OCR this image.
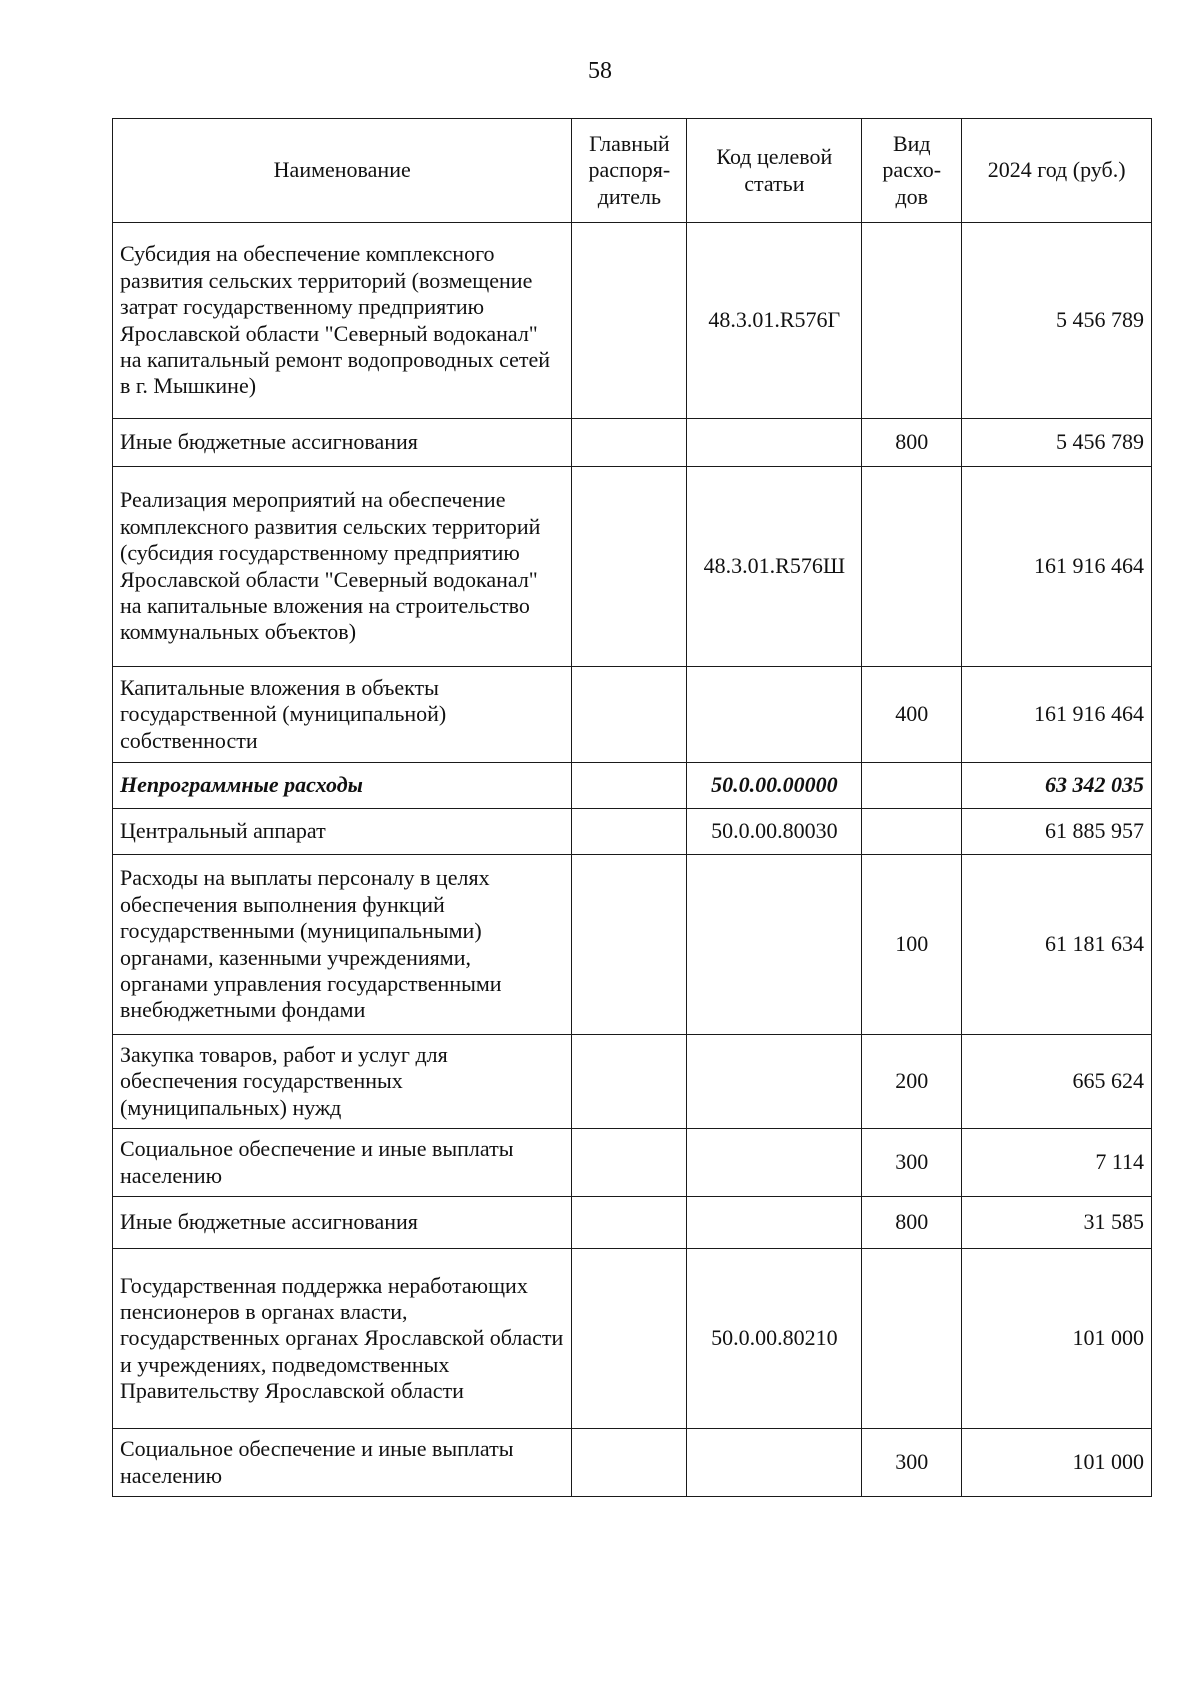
58
Наименование	Главный распоря-дитель	Код целевой статьи	Вид расхо-дов	2024 год (руб.)
Субсидия на обеспечение комплексного развития сельских территорий (возмещение затрат государственному предприятию Ярославской области "Северный водоканал" на капитальный ремонт водопроводных сетей в г. Мышкине)		48.3.01.R576Г		5 456 789
Иные бюджетные ассигнования			800	5 456 789
Реализация мероприятий на обеспечение комплексного развития сельских территорий (субсидия государственному предприятию Ярославской области "Северный водоканал" на капитальные вложения на строительство коммунальных объектов)		48.3.01.R576Ш		161 916 464
Капитальные вложения в объекты государственной (муниципальной) собственности			400	161 916 464
Непрограммные расходы		50.0.00.00000		63 342 035
Центральный аппарат		50.0.00.80030		61 885 957
Расходы на выплаты персоналу в целях обеспечения выполнения функций государственными (муниципальными) органами, казенными учреждениями, органами управления государственными внебюджетными фондами			100	61 181 634
Закупка товаров, работ и услуг для обеспечения государственных (муниципальных) нужд			200	665 624
Социальное обеспечение и иные выплаты населению			300	7 114
Иные бюджетные ассигнования			800	31 585
Государственная поддержка неработающих пенсионеров в органах власти, государственных органах Ярославской области и учреждениях, подведомственных Правительству Ярославской области		50.0.00.80210		101 000
Социальное обеспечение и иные выплаты населению			300	101 000
